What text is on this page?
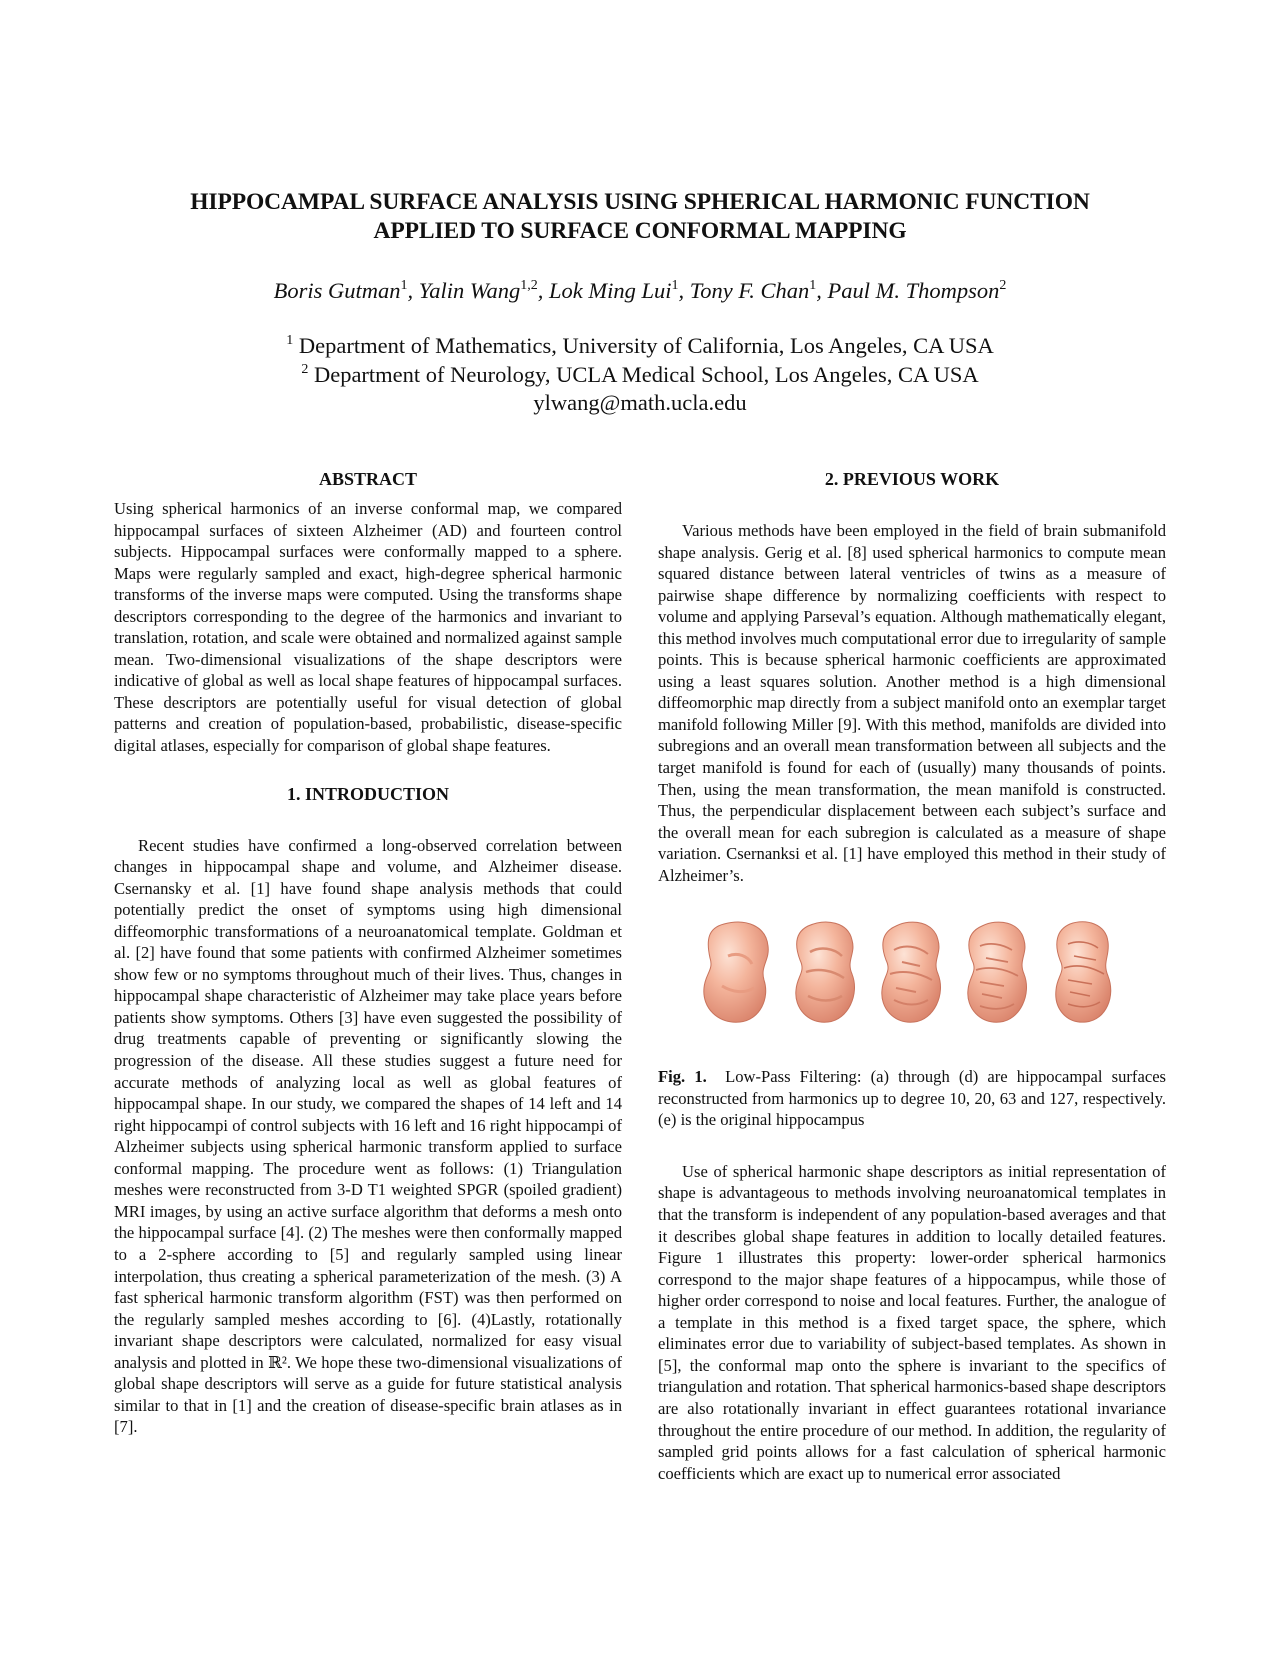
HIPPOCAMPAL SURFACE ANALYSIS USING SPHERICAL HARMONIC FUNCTION
APPLIED TO SURFACE CONFORMAL MAPPING
Boris Gutman$^1$, Yalin Wang$^{1,2}$, Lok Ming Lui$^1$, Tony F. Chan$^1$, Paul M. Thompson$^2$
$^1$ Department of Mathematics, University of California, Los Angeles, CA USA
$^2$ Department of Neurology, UCLA Medical School, Los Angeles, CA USA
ylwang@math.ucla.edu
ABSTRACT

Using spherical harmonics of an inverse conformal map, we compared hippocampal surfaces of sixteen Alzheimer (AD) and fourteen control subjects. Hippocampal surfaces were conformally mapped to a sphere. Maps were regularly sampled and exact, high-degree spherical harmonic transforms of the inverse maps were computed. Using the transforms shape descriptors corresponding to the degree of the harmonics and invariant to translation, rotation, and scale were obtained and normalized against sample mean. Two-dimensional visualizations of the shape descriptors were indicative of global as well as local shape features of hippocampal surfaces. These descriptors are potentially useful for visual detection of global patterns and creation of population-based, probabilistic, disease-specific digital atlases, especially for comparison of global shape features.

1. INTRODUCTION

Recent studies have confirmed a long-observed correlation between changes in hippocampal shape and volume, and Alzheimer disease. Csernansky et al. [1] have found shape analysis methods that could potentially predict the onset of symptoms using high dimensional diffeomorphic transformations of a neuroanatomical template. Goldman et al. [2] have found that some patients with confirmed Alzheimer sometimes show few or no symptoms throughout much of their lives. Thus, changes in hippocampal shape characteristic of Alzheimer may take place years before patients show symptoms. Others [3] have even suggested the possibility of drug treatments capable of preventing or significantly slowing the progression of the disease. All these studies suggest a future need for accurate methods of analyzing local as well as global features of hippocampal shape. In our study, we compared the shapes of 14 left and 14 right hippocampi of control subjects with 16 left and 16 right hippocampi of Alzheimer subjects using spherical harmonic transform applied to surface conformal mapping. The procedure went as follows: (1) Triangulation meshes were reconstructed from 3-D T1 weighted SPGR (spoiled gradient) MRI images, by using an active surface algorithm that deforms a mesh onto the hippocampal surface [4]. (2) The meshes were then conformally mapped to a 2-sphere according to [5] and regularly sampled using linear interpolation, thus creating a spherical parameterization of the mesh. (3) A fast spherical harmonic transform algorithm (FST) was then performed on the regularly sampled meshes according to [6]. (4)Lastly, rotationally invariant shape descriptors were calculated, normalized for easy visual analysis and plotted in ℝ². We hope these two-dimensional visualizations of global shape descriptors will serve as a guide for future statistical analysis similar to that in [1] and the creation of disease-specific brain atlases as in [7].

2. PREVIOUS WORK

Various methods have been employed in the field of brain submanifold shape analysis. Gerig et al. [8] used spherical harmonics to compute mean squared distance between lateral ventricles of twins as a measure of pairwise shape difference by normalizing coefficients with respect to volume and applying Parseval’s equation. Although mathematically elegant, this method involves much computational error due to irregularity of sample points. This is because spherical harmonic coefficients are approximated using a least squares solution. Another method is a high dimensional diffeomorphic map directly from a subject manifold onto an exemplar target manifold following Miller [9]. With this method, manifolds are divided into subregions and an overall mean transformation between all subjects and the target manifold is found for each of (usually) many thousands of points. Then, using the mean transformation, the mean manifold is constructed. Thus, the perpendicular displacement between each subject’s surface and the overall mean for each subregion is calculated as a measure of shape variation. Csernanksi et al. [1] have employed this method in their study of Alzheimer’s.

Fig. 1. Low-Pass Filtering: (a) through (d) are hippocampal surfaces reconstructed from harmonics up to degree 10, 20, 63 and 127, respectively. (e) is the original hippocampus

Use of spherical harmonic shape descriptors as initial representation of shape is advantageous to methods involving neuroanatomical templates in that the transform is independent of any population-based averages and that it describes global shape features in addition to locally detailed features. Figure 1 illustrates this property: lower-order spherical harmonics correspond to the major shape features of a hippocampus, while those of higher order correspond to noise and local features. Further, the analogue of a template in this method is a fixed target space, the sphere, which eliminates error due to variability of subject-based templates. As shown in [5], the conformal map onto the sphere is invariant to the specifics of triangulation and rotation. That spherical harmonics-based shape descriptors are also rotationally invariant in effect guarantees rotational invariance throughout the entire procedure of our method. In addition, the regularity of sampled grid points allows for a fast calculation of spherical harmonic coefficients which are exact up to numerical error associated
